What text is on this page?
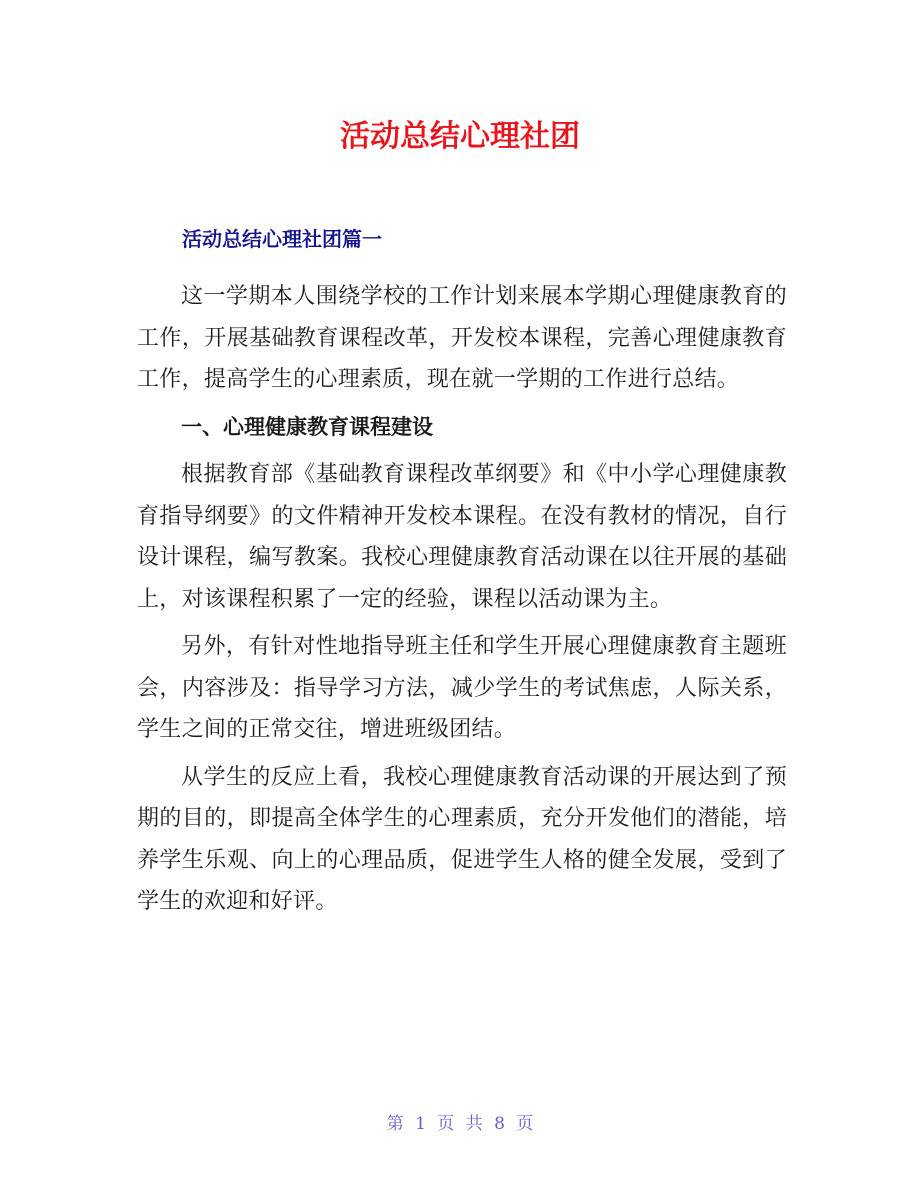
活动总结心理社团
活动总结心理社团篇一

这一学期本人围绕学校的工作计划来展本学期心理健康教育的工作，开展基础教育课程改革，开发校本课程，完善心理健康教育工作，提高学生的心理素质，现在就一学期的工作进行总结。

一、心理健康教育课程建设

根据教育部《基础教育课程改革纲要》和《中小学心理健康教育指导纲要》的文件精神开发校本课程。在没有教材的情况，自行设计课程，编写教案。我校心理健康教育活动课在以往开展的基础上，对该课程积累了一定的经验，课程以活动课为主。

另外，有针对性地指导班主任和学生开展心理健康教育主题班会，内容涉及：指导学习方法，减少学生的考试焦虑，人际关系，学生之间的正常交往，增进班级团结。

从学生的反应上看，我校心理健康教育活动课的开展达到了预期的目的，即提高全体学生的心理素质，充分开发他们的潜能，培养学生乐观、向上的心理品质，促进学生人格的健全发展，受到了学生的欢迎和好评。

第 1 页 共 8 页
